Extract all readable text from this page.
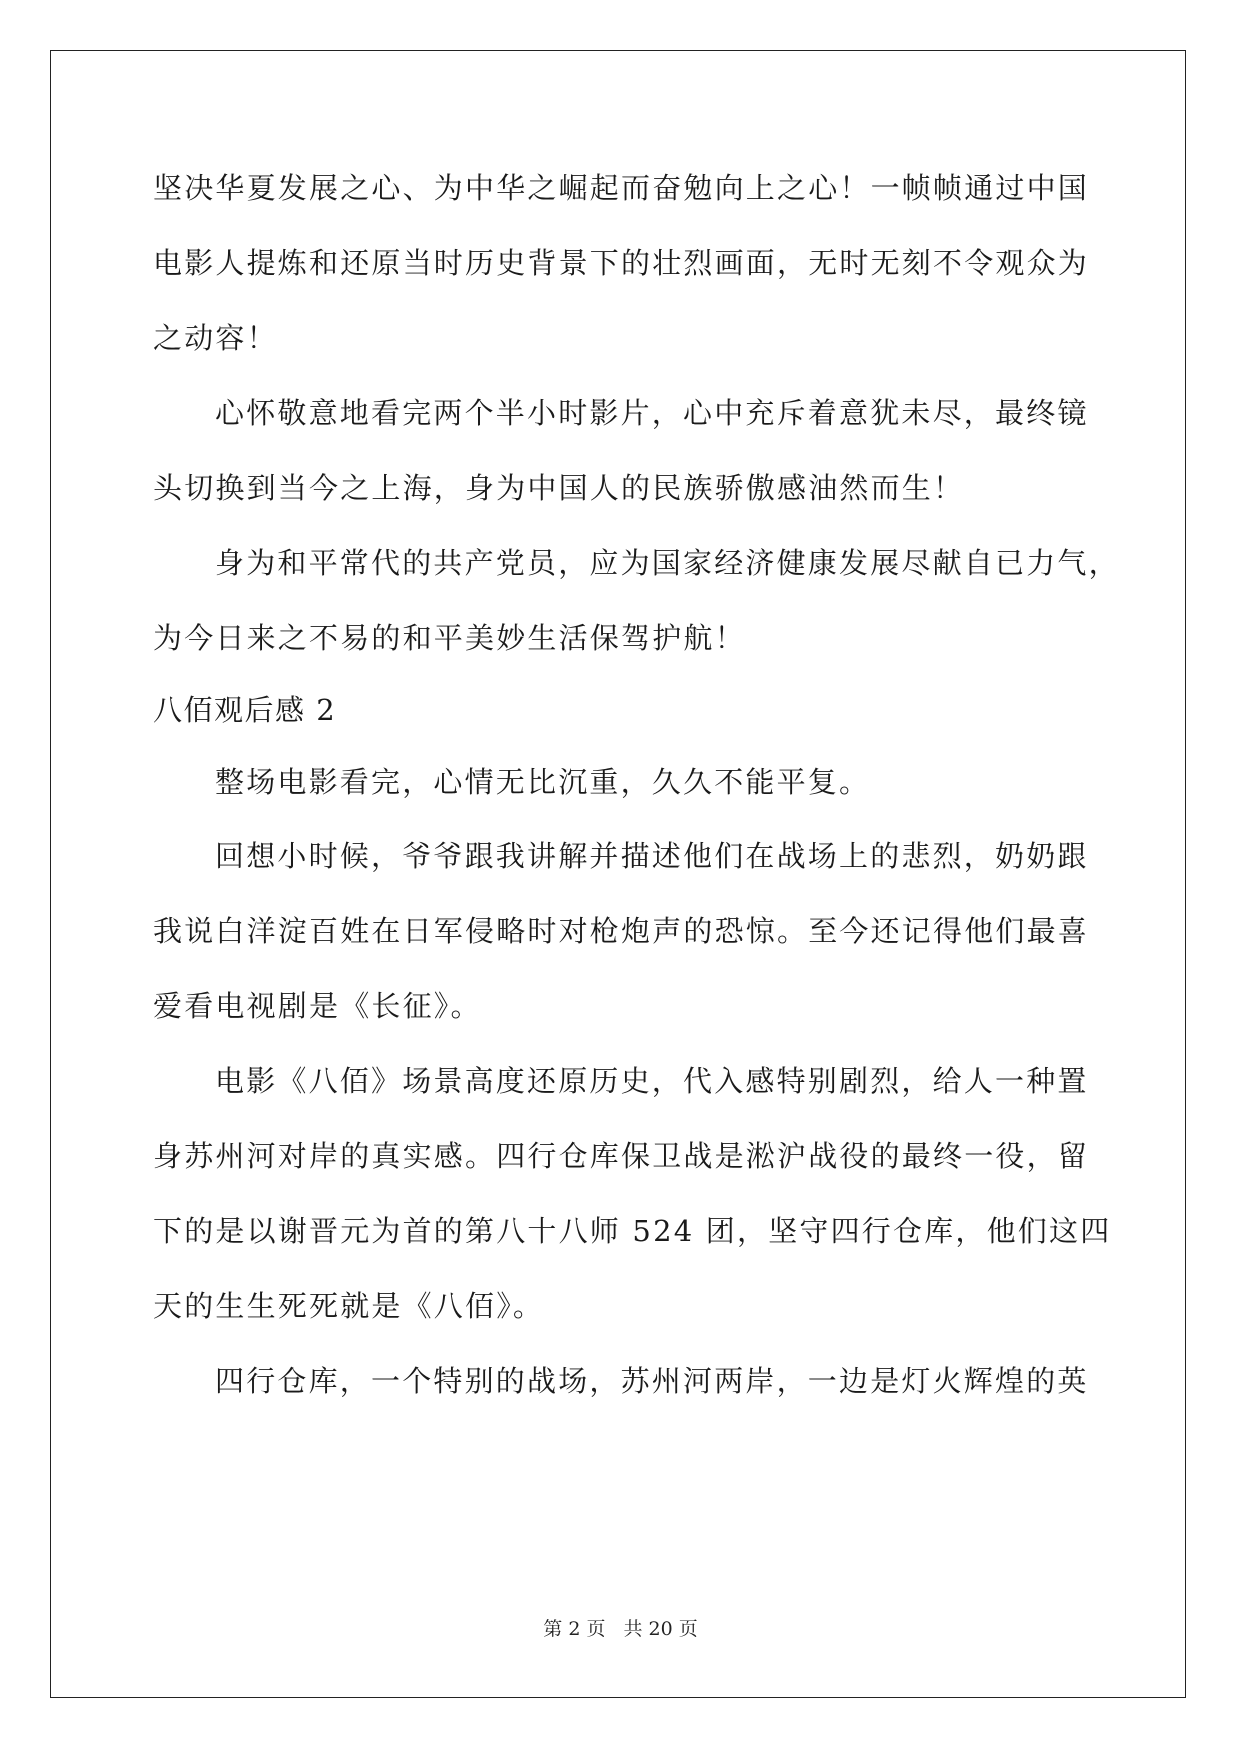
坚决华夏发展之心、为中华之崛起而奋勉向上之心！一帧帧通过中国
电影人提炼和还原当时历史背景下的壮烈画面，无时无刻不令观众为
之动容！
心怀敬意地看完两个半小时影片，心中充斥着意犹未尽，最终镜
头切换到当今之上海，身为中国人的民族骄傲感油然而生！
身为和平常代的共产党员，应为国家经济健康发展尽献自已力气，
为今日来之不易的和平美妙生活保驾护航！
八佰观后感 2
整场电影看完，心情无比沉重，久久不能平复。
回想小时候，爷爷跟我讲解并描述他们在战场上的悲烈，奶奶跟
我说白洋淀百姓在日军侵略时对枪炮声的恐惊。至今还记得他们最喜
爱看电视剧是《长征》。
电影《八佰》场景高度还原历史，代入感特别剧烈，给人一种置
身苏州河对岸的真实感。四行仓库保卫战是淞沪战役的最终一役，留
下的是以谢晋元为首的第八十八师 524 团，坚守四行仓库，他们这四
天的生生死死就是《八佰》。
四行仓库，一个特别的战场，苏州河两岸，一边是灯火辉煌的英
第 2 页 共 20 页
